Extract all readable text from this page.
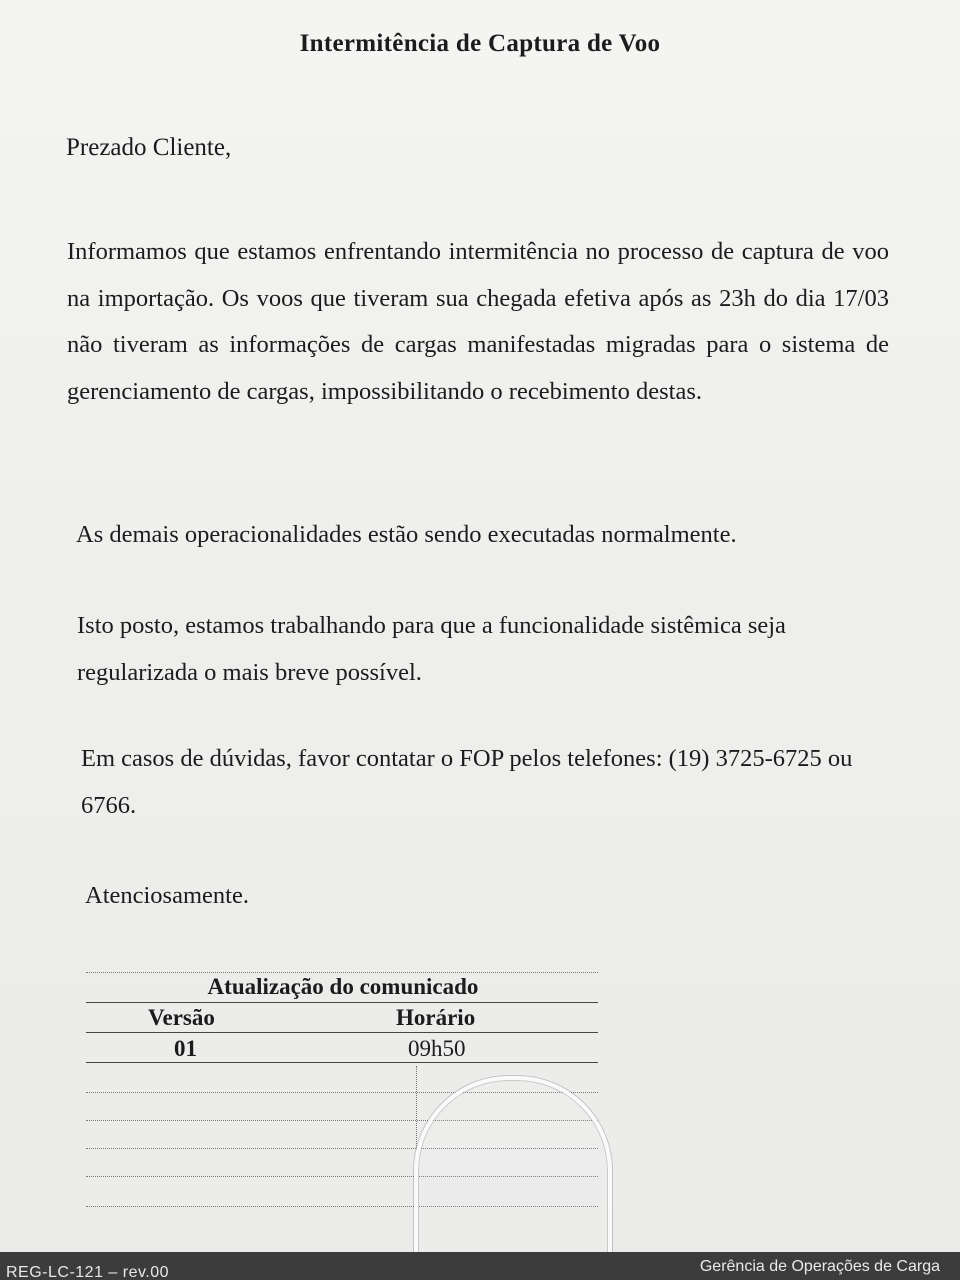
Intermitência de Captura de Voo
Prezado Cliente,
Informamos que estamos enfrentando intermitência no processo de captura de voo na importação. Os voos que tiveram sua chegada efetiva após as 23h do dia 17/03 não tiveram as informações de cargas manifestadas migradas para o sistema de gerenciamento de cargas, impossibilitando o recebimento destas.
As demais operacionalidades estão sendo executadas normalmente.
Isto posto, estamos trabalhando para que a funcionalidade sistêmica seja regularizada o mais breve possível.
Em casos de dúvidas, favor contatar o FOP pelos telefones: (19) 3725-6725 ou 6766.
Atenciosamente.
Atualização do comunicado
Versão	Horário
01	09h50
REG-LC-121 – rev.00	Gerência de Operações de Carga
